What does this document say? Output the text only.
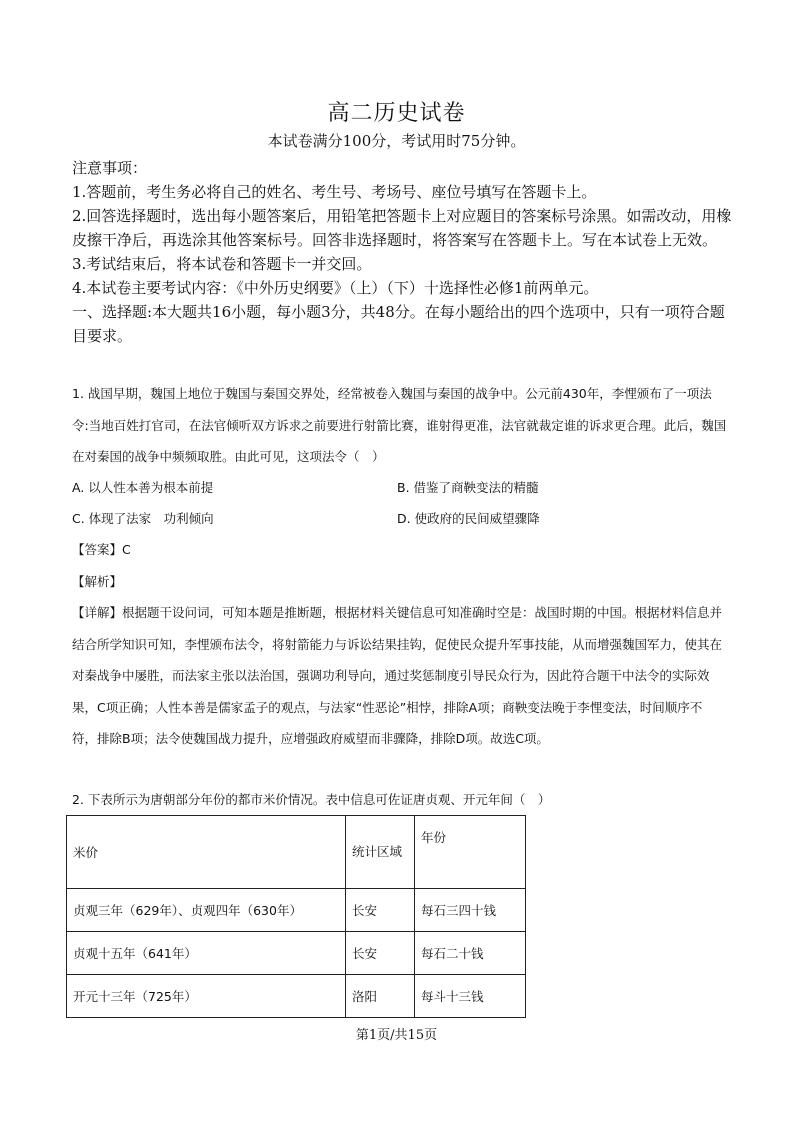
高二历史试卷
本试卷满分100分，考试用时75分钟。

注意事项：

1.答题前，考生务必将自己的姓名、考生号、考场号、座位号填写在答题卡上。

2.回答选择题时，选出每小题答案后，用铅笔把答题卡上对应题目的答案标号涂黑。如需改动，用橡皮擦干净后，再选涂其他答案标号。回答非选择题时，将答案写在答题卡上。写在本试卷上无效。

3.考试结束后，将本试卷和答题卡一并交回。

4.本试卷主要考试内容：《中外历史纲要》（上）（下）十选择性必修1前两单元。

一、选择题:本大题共16小题，每小题3分，共48分。在每小题给出的四个选项中，只有一项符合题目要求。

1. 战国早期，魏国上地位于魏国与秦国交界处，经常被卷入魏国与秦国的战争中。公元前430年，李悝颁布了一项法令:当地百姓打官司，在法官倾听双方诉求之前要进行射箭比赛，谁射得更准，法官就裁定谁的诉求更合理。此后，魏国在对秦国的战争中频频取胜。由此可见，这项法令（　）

A. 以人性本善为根本前提	B. 借鉴了商鞅变法的精髓
C. 体现了法家　功利倾向	D. 使政府的民间威望骤降

【答案】C

【解析】

【详解】根据题干设问词，可知本题是推断题，根据材料关键信息可知准确时空是：战国时期的中国。根据材料信息并结合所学知识可知，李悝颁布法令，将射箭能力与诉讼结果挂钩，促使民众提升军事技能，从而增强魏国军力，使其在对秦战争中屡胜，而法家主张以法治国，强调功利导向，通过奖惩制度引导民众行为，因此符合题干中法令的实际效果，C项正确；人性本善是儒家孟子的观点，与法家“性恶论”相悖，排除A项；商鞅变法晚于李悝变法，时间顺序不符，排除B项；法令使魏国战力提升，应增强政府威望而非骤降，排除D项。故选C项。

2. 下表所示为唐朝部分年份的都市米价情况。表中信息可佐证唐贞观、开元年间（　）

米价	统计区域	年份
贞观三年（629年）、贞观四年（630年）	长安	每石三四十钱
贞观十五年（641年）	长安	每石二十钱
开元十三年（725年）	洛阳	每斗十三钱
第1页/共15页
